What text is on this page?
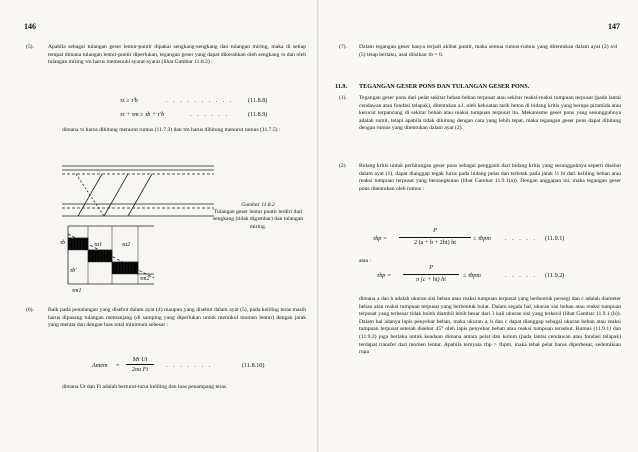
146
(5).	Apabila sebagai tulangan geser lentur-puntir dipakai sengkang-sengkang dan tulangan miring, maka di setiap tempat dimana tulangan lentur-puntir diperlukan, tegangan geser yang dapat dikerahkan oleh sengkang τs dan oleh tulangan miring τm harus memenuhi syarat-syarat (lihat Gambar 11.8.2) :
τs ≥ τ'b	. . . . . . . . . . (11.8.8)
τs + τm ≥ τb + τ'b	. . . . . .	(11.8.9)
dimana τs harus dihitung menurut rumus (11.7.3) dan τm harus dihitung menurut rumus (11.7.5) :
τb	τa1	τa2
τb'
τm2
τm1
Gambar 11.8.2
Tulangan geser lentur puntir terdiri dari sengkang (tidak digambar) dan tulangan miring.
(6).	Baik pada penulangan yang disebut dalam ayat (4) maupun yang disebut dalam ayat (5), pada keliling teras masih harus dipasang tulangan memanjang (di samping yang diperlukan untuk memikul momen lentur) dengan jarak yang merata dan dengan luas total minimum sebesar :
Amem =
Mt Ut
2σa Ft
. . . . . . .	(11.8.10)
dimana Ut dan Ft adalah berturut-turut keliling dan luas penampang teras.
147
(7). Dalam tegangan geser hanya terjadi akibat puntir, maka semua rumus-rumus yang ditentukan dalam ayat (2) s/d (5) tetap berlaku, asal diisikan τb = 0.
11.9. TEGANGAN GESER PONS DAN TULANGAN GESER PONS.
(1). Tegangan geser pons dari pelat sekitar beban-beban terpusat atau sekitar reaksi-reaksi tumpuan terpusat (pada lantai cendawan atau fondasi telapak), ditentukan a.l. oleh kekuatan tarik beton di bidang kritis yang berupa piramida atau kerucut terpancung di sekitar beban atau reaksi tumpuan terpusat itu. Mekanisme geser pons yang sesungguhnya adalah rumit, tetapi apabila tidak dihitung dengan cara yang lebih tepat, maka tegangan geser pons dapat dihitung dengan rumus yang ditentukan dalam ayat (2).
(2). Bidang kritis untuk perhitungan geser pons sebagai pengganti dari bidang kritis yang sesungguhnya seperti disebut dalam ayat (1), dapat dianggap tegak lurus pada bidang pelat dan terletak pada jarak ½ ht dari keliling beban atau reaksi tumpuan terpusat yang bersangkutan (lihat Gambar 11.9.1(a)). Dengan anggapan ini, maka tegangan geser pons ditentukan oleh rumus :
τbp =
P
2 (a + b + 2ht) ht
≤ τ̄bpm . . . . . (11.9.1)
atau :
τbp =
P
π (c + ht) ht
≤ τ̄bpm	. . . . . (11.9.2)
dimana a dan b adalah ukuran sisi beban atau reaksi tumpuan terpusat yang berbentuk persegi dan c adalah diameter beban atau reaksi tumpuan terpusat yang berbentuk bulat. Dalam segala hal, ukuran sisi beban atau reaksi tumpuan terpusat yang terbesar tidak boleh diambil lebih besar dari 3 kali ukuran sisi yang terkecil (lihat Gambar 11.9.1 (b)). Dalam hal adanya lapis penyebar beban, maka ukuran a, b dan c dapat dianggap sebagai ukuran beban atau reaksi tumpuan terpusat setelah disebar 45° oleh lapis penyebar beban atau reaksi tumpuan tersebut. Rumus (11.9.1) dan (11.9.2) juga berlaku untuk keadaan dimana antara pelat dan kolom (pada lantai cendawan atau fondasi telapak) terdapat transfer dari momen lentur. Apabila ternyata τbp > τ̄bpm, maka tebal pelat harus diperbesar, sedemikian rupa
